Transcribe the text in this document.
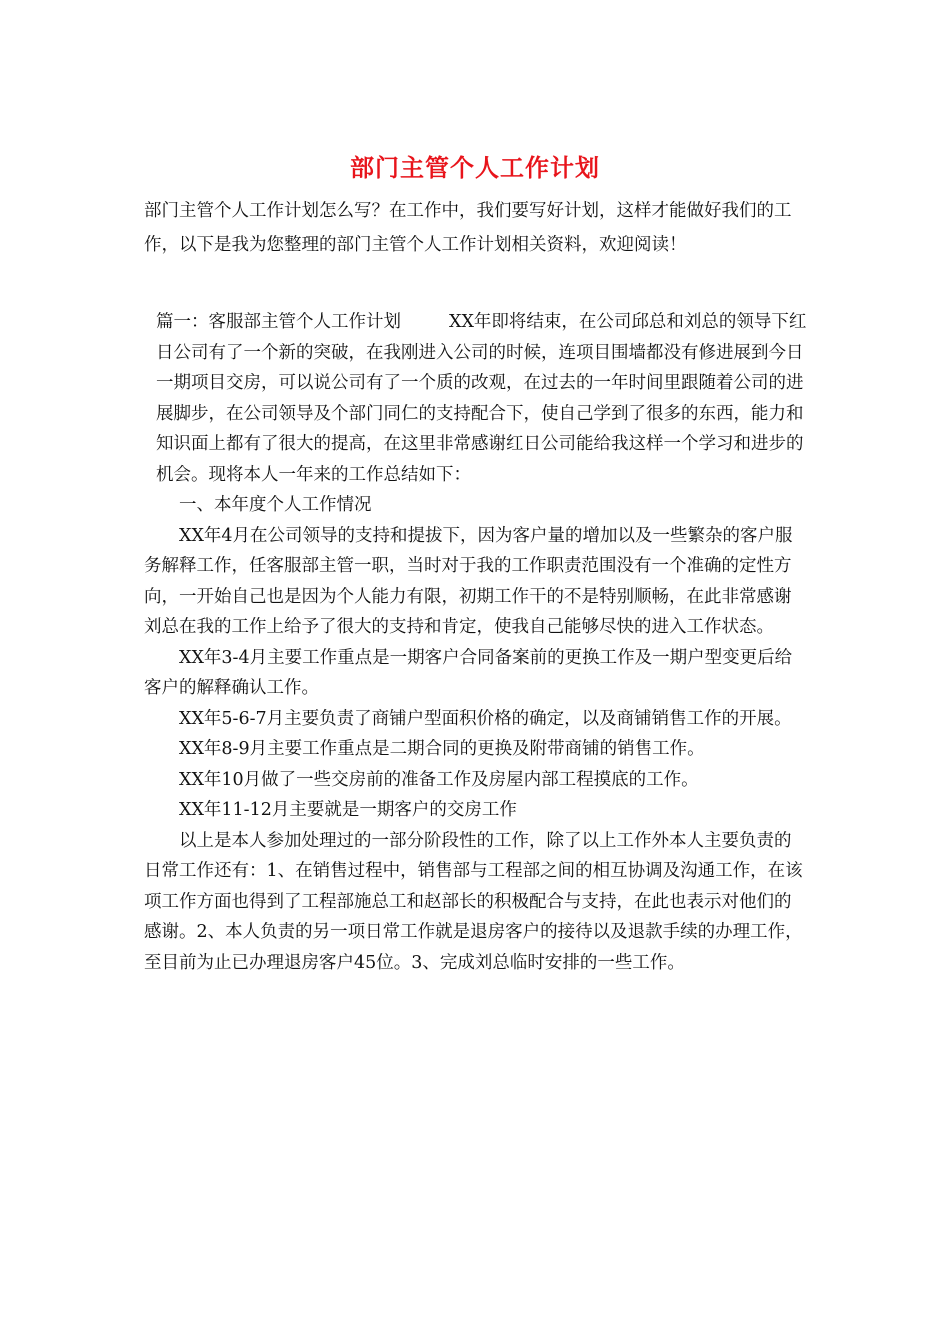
部门主管个人工作计划

部门主管个人工作计划怎么写？在工作中，我们要写好计划，这样才能做好我们的工作，以下是我为您整理的部门主管个人工作计划相关资料，欢迎阅读！

篇一：客服部主管个人工作计划	XX年即将结束，在公司邱总和刘总的领导下红日公司有了一个新的突破，在我刚进入公司的时候，连项目围墙都没有修进展到今日一期项目交房，可以说公司有了一个质的改观，在过去的一年时间里跟随着公司的进展脚步，在公司领导及个部门同仁的支持配合下，使自己学到了很多的东西，能力和知识面上都有了很大的提高，在这里非常感谢红日公司能给我这样一个学习和进步的机会。现将本人一年来的工作总结如下：

一、本年度个人工作情况

XX年4月在公司领导的支持和提拔下，因为客户量的增加以及一些繁杂的客户服务解释工作，任客服部主管一职，当时对于我的工作职责范围没有一个准确的定性方向，一开始自己也是因为个人能力有限，初期工作干的不是特别顺畅，在此非常感谢刘总在我的工作上给予了很大的支持和肯定，使我自己能够尽快的进入工作状态。

XX年3-4月主要工作重点是一期客户合同备案前的更换工作及一期户型变更后给客户的解释确认工作。

XX年5-6-7月主要负责了商铺户型面积价格的确定，以及商铺销售工作的开展。

XX年8-9月主要工作重点是二期合同的更换及附带商铺的销售工作。

XX年10月做了一些交房前的准备工作及房屋内部工程摸底的工作。

XX年11-12月主要就是一期客户的交房工作

以上是本人参加处理过的一部分阶段性的工作，除了以上工作外本人主要负责的日常工作还有：1、在销售过程中，销售部与工程部之间的相互协调及沟通工作，在该项工作方面也得到了工程部施总工和赵部长的积极配合与支持，在此也表示对他们的感谢。2、本人负责的另一项日常工作就是退房客户的接待以及退款手续的办理工作，至目前为止已办理退房客户45位。3、完成刘总临时安排的一些工作。
